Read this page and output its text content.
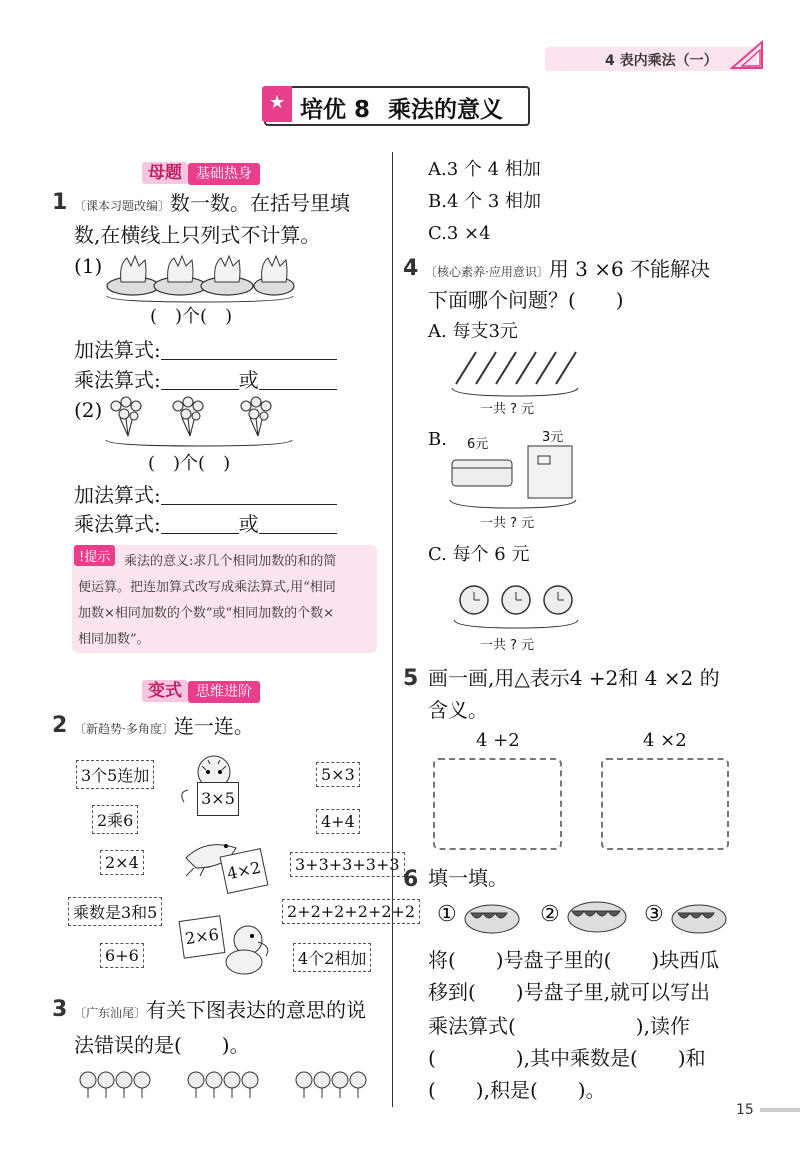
4 表内乘法（一）
★ 培优 8 乘法的意义
母题 基础热身
1 〔课本习题改编〕数一数。在括号里填
数,在横线上只列式不计算。
(1)
(　)个(　)
加法算式:
乘法算式:	或
(2)
(　)个(　)
加法算式:
乘法算式:	或
!提示	乘法的意义:求几个相同加数的和的简
便运算。把连加算式改写成乘法算式,用“相同
加数×相同加数的个数”或“相同加数的个数×
相同加数”。
变式 思维进阶
2 〔新趋势·多角度〕连一连。
3个5连加
2乘6
2×4
乘数是3和5
6+6
3×5
4×2
2×6
5×3
4+4
3+3+3+3+3
2+2+2+2+2+2
4个2相加
3 〔广东汕尾〕有关下图表达的意思的说
法错误的是(　　)。
A.3 个 4 相加
B.4 个 3 相加
C.3 ×4
4 〔核心素养·应用意识〕用 3 ×6 不能解决
下面哪个问题？(　　)
A. 每支3元
一共 ? 元
B. 6元	3元
一共 ? 元
C. 每个 6 元
一共 ? 元
5 画一画,用△表示4 +2和 4 ×2 的
含义。
4 +2	4 ×2
6 填一填。
①	②	③
将(　　)号盘子里的(　　)块西瓜
移到(　　)号盘子里,就可以写出
乘法算式(　　　　　　),读作
(　　　　),其中乘数是(　　)和
(　　),积是(　　)。
15
